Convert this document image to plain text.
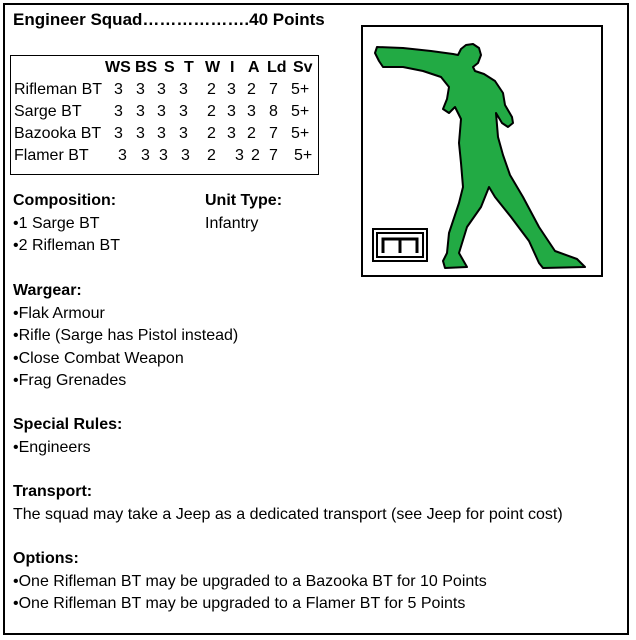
Engineer Squad……………….40 Points
WS BS S T W I A Ld Sv
Rifleman BT 3 3 3 3 2 3 2 7 5+
Sarge BT 3 3 3 3 2 3 3 8 5+
Bazooka BT 3 3 3 3 2 3 2 7 5+
Flamer BT 3 3 3 3 2 3 2 7 5+
Composition:
•1 Sarge BT
•2 Rifleman BT
Unit Type:
Infantry
Wargear:
•Flak Armour
•Rifle (Sarge has Pistol instead)
•Close Combat Weapon
•Frag Grenades
Special Rules:
•Engineers
Transport:
The squad may take a Jeep as a dedicated transport (see Jeep for point cost)
Options:
•One Rifleman BT may be upgraded to a Bazooka BT for 10 Points
•One Rifleman BT may be upgraded to a Flamer BT for 5 Points
